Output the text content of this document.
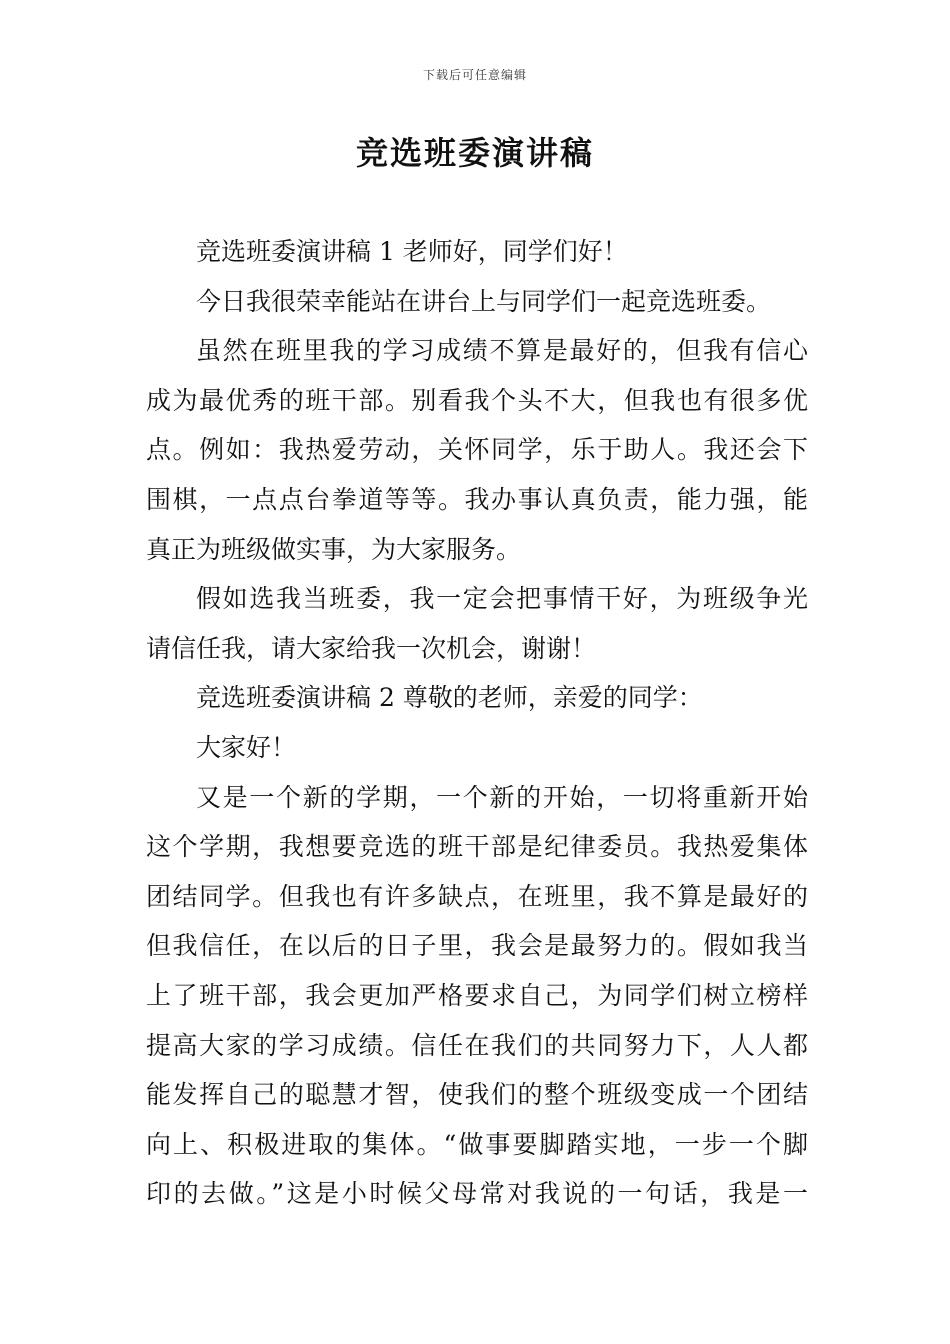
下载后可任意编辑
竞选班委演讲稿
竞选班委演讲稿 1 老师好，同学们好！
今日我很荣幸能站在讲台上与同学们一起竞选班委。
虽然在班里我的学习成绩不算是最好的，但我有信心
成为最优秀的班干部。别看我个头不大，但我也有很多优
点。例如：我热爱劳动，关怀同学，乐于助人。我还会下
围棋，一点点台拳道等等。我办事认真负责，能力强，能
真正为班级做实事，为大家服务。
假如选我当班委，我一定会把事情干好，为班级争光
请信任我，请大家给我一次机会，谢谢！
竞选班委演讲稿 2 尊敬的老师，亲爱的同学：
大家好！
又是一个新的学期，一个新的开始，一切将重新开始
这个学期，我想要竞选的班干部是纪律委员。我热爱集体
团结同学。但我也有许多缺点，在班里，我不算是最好的
但我信任，在以后的日子里，我会是最努力的。假如我当
上了班干部，我会更加严格要求自己，为同学们树立榜样
提高大家的学习成绩。信任在我们的共同努力下，人人都
能发挥自己的聪慧才智，使我们的整个班级变成一个团结
向上、积极进取的集体。“做事要脚踏实地，一步一个脚
印的去做。”这是小时候父母常对我说的一句话，我是一
